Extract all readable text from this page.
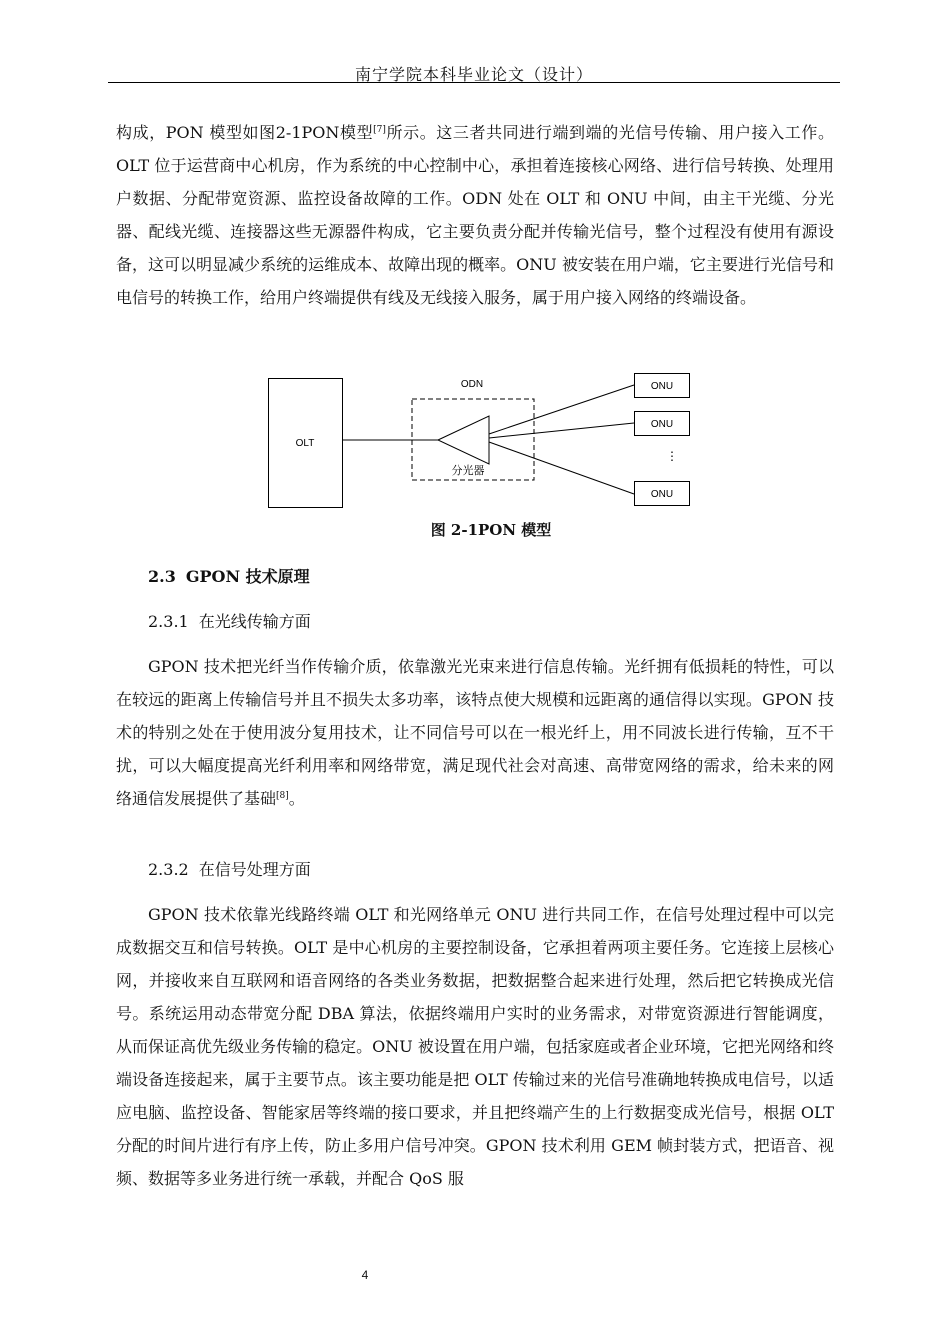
南宁学院本科毕业论文（设计）

构成，PON 模型如图2-1PON模型[7]所示。这三者共同进行端到端的光信号传输、用户接入工作。OLT 位于运营商中心机房，作为系统的中心控制中心，承担着连接核心网络、进行信号转换、处理用户数据、分配带宽资源、监控设备故障的工作。ODN 处在 OLT 和 ONU 中间，由主干光缆、分光器、配线光缆、连接器这些无源器件构成，它主要负责分配并传输光信号，整个过程没有使用有源设备，这可以明显减少系统的运维成本、故障出现的概率。ONU 被安装在用户端，它主要进行光信号和电信号的转换工作，给用户终端提供有线及无线接入服务，属于用户接入网络的终端设备。

OLT
ODN
分光器
ONU
ONU
⋮
ONU
图 2-1PON 模型
2.3 GPON 技术原理
2.3.1 在光线传输方面

GPON 技术把光纤当作传输介质，依靠激光光束来进行信息传输。光纤拥有低损耗的特性，可以在较远的距离上传输信号并且不损失太多功率，该特点使大规模和远距离的通信得以实现。GPON 技术的特别之处在于使用波分复用技术，让不同信号可以在一根光纤上，用不同波长进行传输，互不干扰，可以大幅度提高光纤利用率和网络带宽，满足现代社会对高速、高带宽网络的需求，给未来的网络通信发展提供了基础[8]。

2.3.2 在信号处理方面

GPON 技术依靠光线路终端 OLT 和光网络单元 ONU 进行共同工作，在信号处理过程中可以完成数据交互和信号转换。OLT 是中心机房的主要控制设备，它承担着两项主要任务。它连接上层核心网，并接收来自互联网和语音网络的各类业务数据，把数据整合起来进行处理，然后把它转换成光信号。系统运用动态带宽分配 DBA 算法，依据终端用户实时的业务需求，对带宽资源进行智能调度，从而保证高优先级业务传输的稳定。ONU 被设置在用户端，包括家庭或者企业环境，它把光网络和终端设备连接起来，属于主要节点。该主要功能是把 OLT 传输过来的光信号准确地转换成电信号，以适应电脑、监控设备、智能家居等终端的接口要求，并且把终端产生的上行数据变成光信号，根据 OLT 分配的时间片进行有序上传，防止多用户信号冲突。GPON 技术利用 GEM 帧封装方式，把语音、视频、数据等多业务进行统一承载，并配合 QoS 服

4
